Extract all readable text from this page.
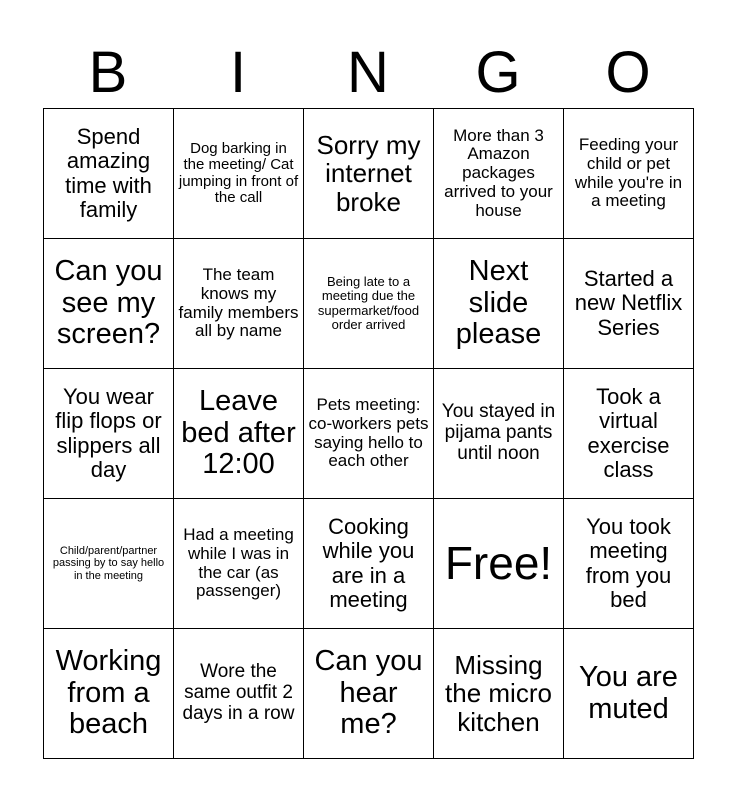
B	I	N	G	O
Spend amazing time with family	Dog barking in the meeting/ Cat jumping in front of the call	Sorry my internet broke	More than 3 Amazon packages arrived to your house	Feeding your child or pet while you're in a meeting
Can you see my screen?	The team knows my family members all by name	Being late to a meeting due the supermarket/food order arrived	Next slide please	Started a new Netflix Series
You wear flip flops or slippers all day	Leave bed after 12:00	Pets meeting: co-workers pets saying hello to each other	You stayed in pijama pants until noon	Took a virtual exercise class
Child/parent/partner passing by to say hello in the meeting	Had a meeting while I was in the car (as passenger)	Cooking while you are in a meeting	Free!	You took meeting from you bed
Working from a beach	Wore the same outfit 2 days in a row	Can you hear me?	Missing the micro kitchen	You are muted
